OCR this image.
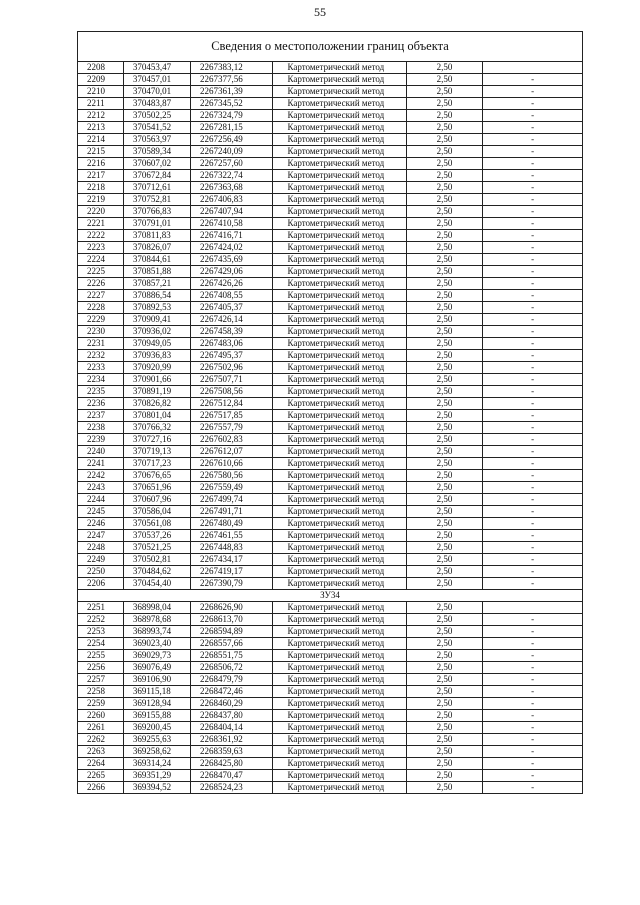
55
Сведения о местоположении границ объекта					
2208	370453,47	2267383,12	Картометрический метод	2,50	
2209	370457,01	2267377,56	Картометрический метод	2,50	-
2210	370470,01	2267361,39	Картометрический метод	2,50	-
2211	370483,87	2267345,52	Картометрический метод	2,50	-
2212	370502,25	2267324,79	Картометрический метод	2,50	-
2213	370541,52	2267281,15	Картометрический метод	2,50	-
2214	370563,97	2267256,49	Картометрический метод	2,50	-
2215	370589,34	2267240,09	Картометрический метод	2,50	-
2216	370607,02	2267257,60	Картометрический метод	2,50	-
2217	370672,84	2267322,74	Картометрический метод	2,50	-
2218	370712,61	2267363,68	Картометрический метод	2,50	-
2219	370752,81	2267406,83	Картометрический метод	2,50	-
2220	370766,83	2267407,94	Картометрический метод	2,50	-
2221	370791,01	2267410,58	Картометрический метод	2,50	-
2222	370811,83	2267416,71	Картометрический метод	2,50	-
2223	370826,07	2267424,02	Картометрический метод	2,50	-
2224	370844,61	2267435,69	Картометрический метод	2,50	-
2225	370851,88	2267429,06	Картометрический метод	2,50	-
2226	370857,21	2267426,26	Картометрический метод	2,50	-
2227	370886,54	2267408,55	Картометрический метод	2,50	-
2228	370892,53	2267405,37	Картометрический метод	2,50	-
2229	370909,41	2267426,14	Картометрический метод	2,50	-
2230	370936,02	2267458,39	Картометрический метод	2,50	-
2231	370949,05	2267483,06	Картометрический метод	2,50	-
2232	370936,83	2267495,37	Картометрический метод	2,50	-
2233	370920,99	2267502,96	Картометрический метод	2,50	-
2234	370901,66	2267507,71	Картометрический метод	2,50	-
2235	370891,19	2267508,56	Картометрический метод	2,50	-
2236	370826,82	2267512,84	Картометрический метод	2,50	-
2237	370801,04	2267517,85	Картометрический метод	2,50	-
2238	370766,32	2267557,79	Картометрический метод	2,50	-
2239	370727,16	2267602,83	Картометрический метод	2,50	-
2240	370719,13	2267612,07	Картометрический метод	2,50	-
2241	370717,23	2267610,66	Картометрический метод	2,50	-
2242	370676,65	2267580,56	Картометрический метод	2,50	-
2243	370651,96	2267559,49	Картометрический метод	2,50	-
2244	370607,96	2267499,74	Картометрический метод	2,50	-
2245	370586,04	2267491,71	Картометрический метод	2,50	-
2246	370561,08	2267480,49	Картометрический метод	2,50	-
2247	370537,26	2267461,55	Картометрический метод	2,50	-
2248	370521,25	2267448,83	Картометрический метод	2,50	-
2249	370502,81	2267434,17	Картометрический метод	2,50	-
2250	370484,62	2267419,17	Картометрический метод	2,50	-
2206	370454,40	2267390,79	Картометрический метод	2,50	-
ЗУ34					
2251	368998,04	2268626,90	Картометрический метод	2,50	
2252	368978,68	2268613,70	Картометрический метод	2,50	-
2253	368993,74	2268594,89	Картометрический метод	2,50	-
2254	369023,40	2268557,66	Картометрический метод	2,50	-
2255	369029,73	2268551,75	Картометрический метод	2,50	-
2256	369076,49	2268506,72	Картометрический метод	2,50	-
2257	369106,90	2268479,79	Картометрический метод	2,50	-
2258	369115,18	2268472,46	Картометрический метод	2,50	-
2259	369128,94	2268460,29	Картометрический метод	2,50	-
2260	369155,88	2268437,80	Картометрический метод	2,50	-
2261	369200,45	2268404,14	Картометрический метод	2,50	-
2262	369255,63	2268361,92	Картометрический метод	2,50	-
2263	369258,62	2268359,63	Картометрический метод	2,50	-
2264	369314,24	2268425,80	Картометрический метод	2,50	-
2265	369351,29	2268470,47	Картометрический метод	2,50	-
2266	369394,52	2268524,23	Картометрический метод	2,50	-
